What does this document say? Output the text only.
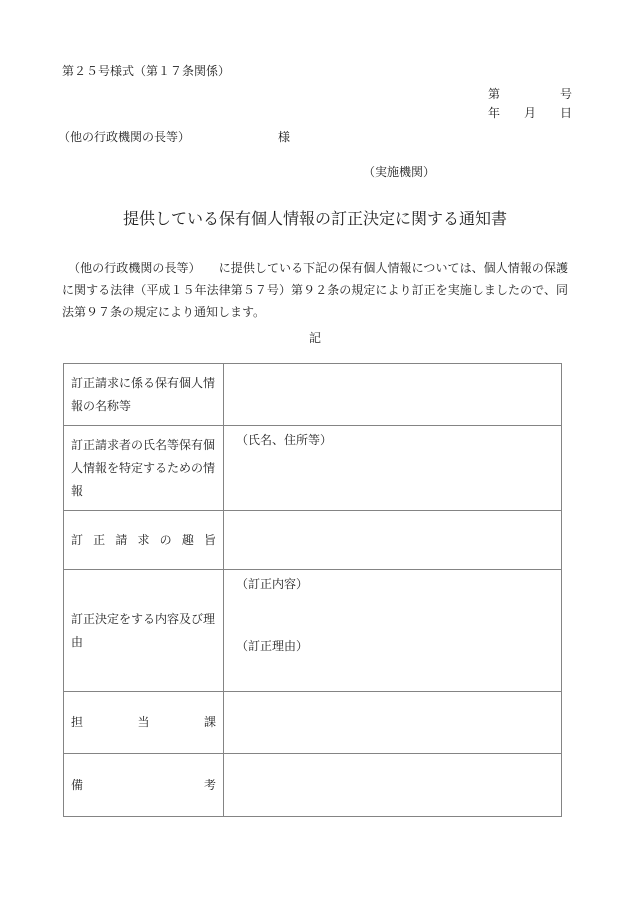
第２５号様式（第１７条関係）
第　　　　　号
年　　月　　日
（他の行政機関の長等）	様
（実施機関）
提供している保有個人情報の訂正決定に関する通知書
　（他の行政機関の長等）　　に提供している下記の保有個人情報については、個人情報の保護に関する法律（平成１５年法律第５７号）第９２条の規定により訂正を実施しましたので、同法第９７条の規定により通知します。
記
訂正請求に係る保有個人情報の名称等
訂正請求者の氏名等保有個人情報を特定するための情報
（氏名、住所等）
訂正請求の趣旨
訂正決定をする内容及び理由
（訂正内容）
（訂正理由）
担当課
備考
